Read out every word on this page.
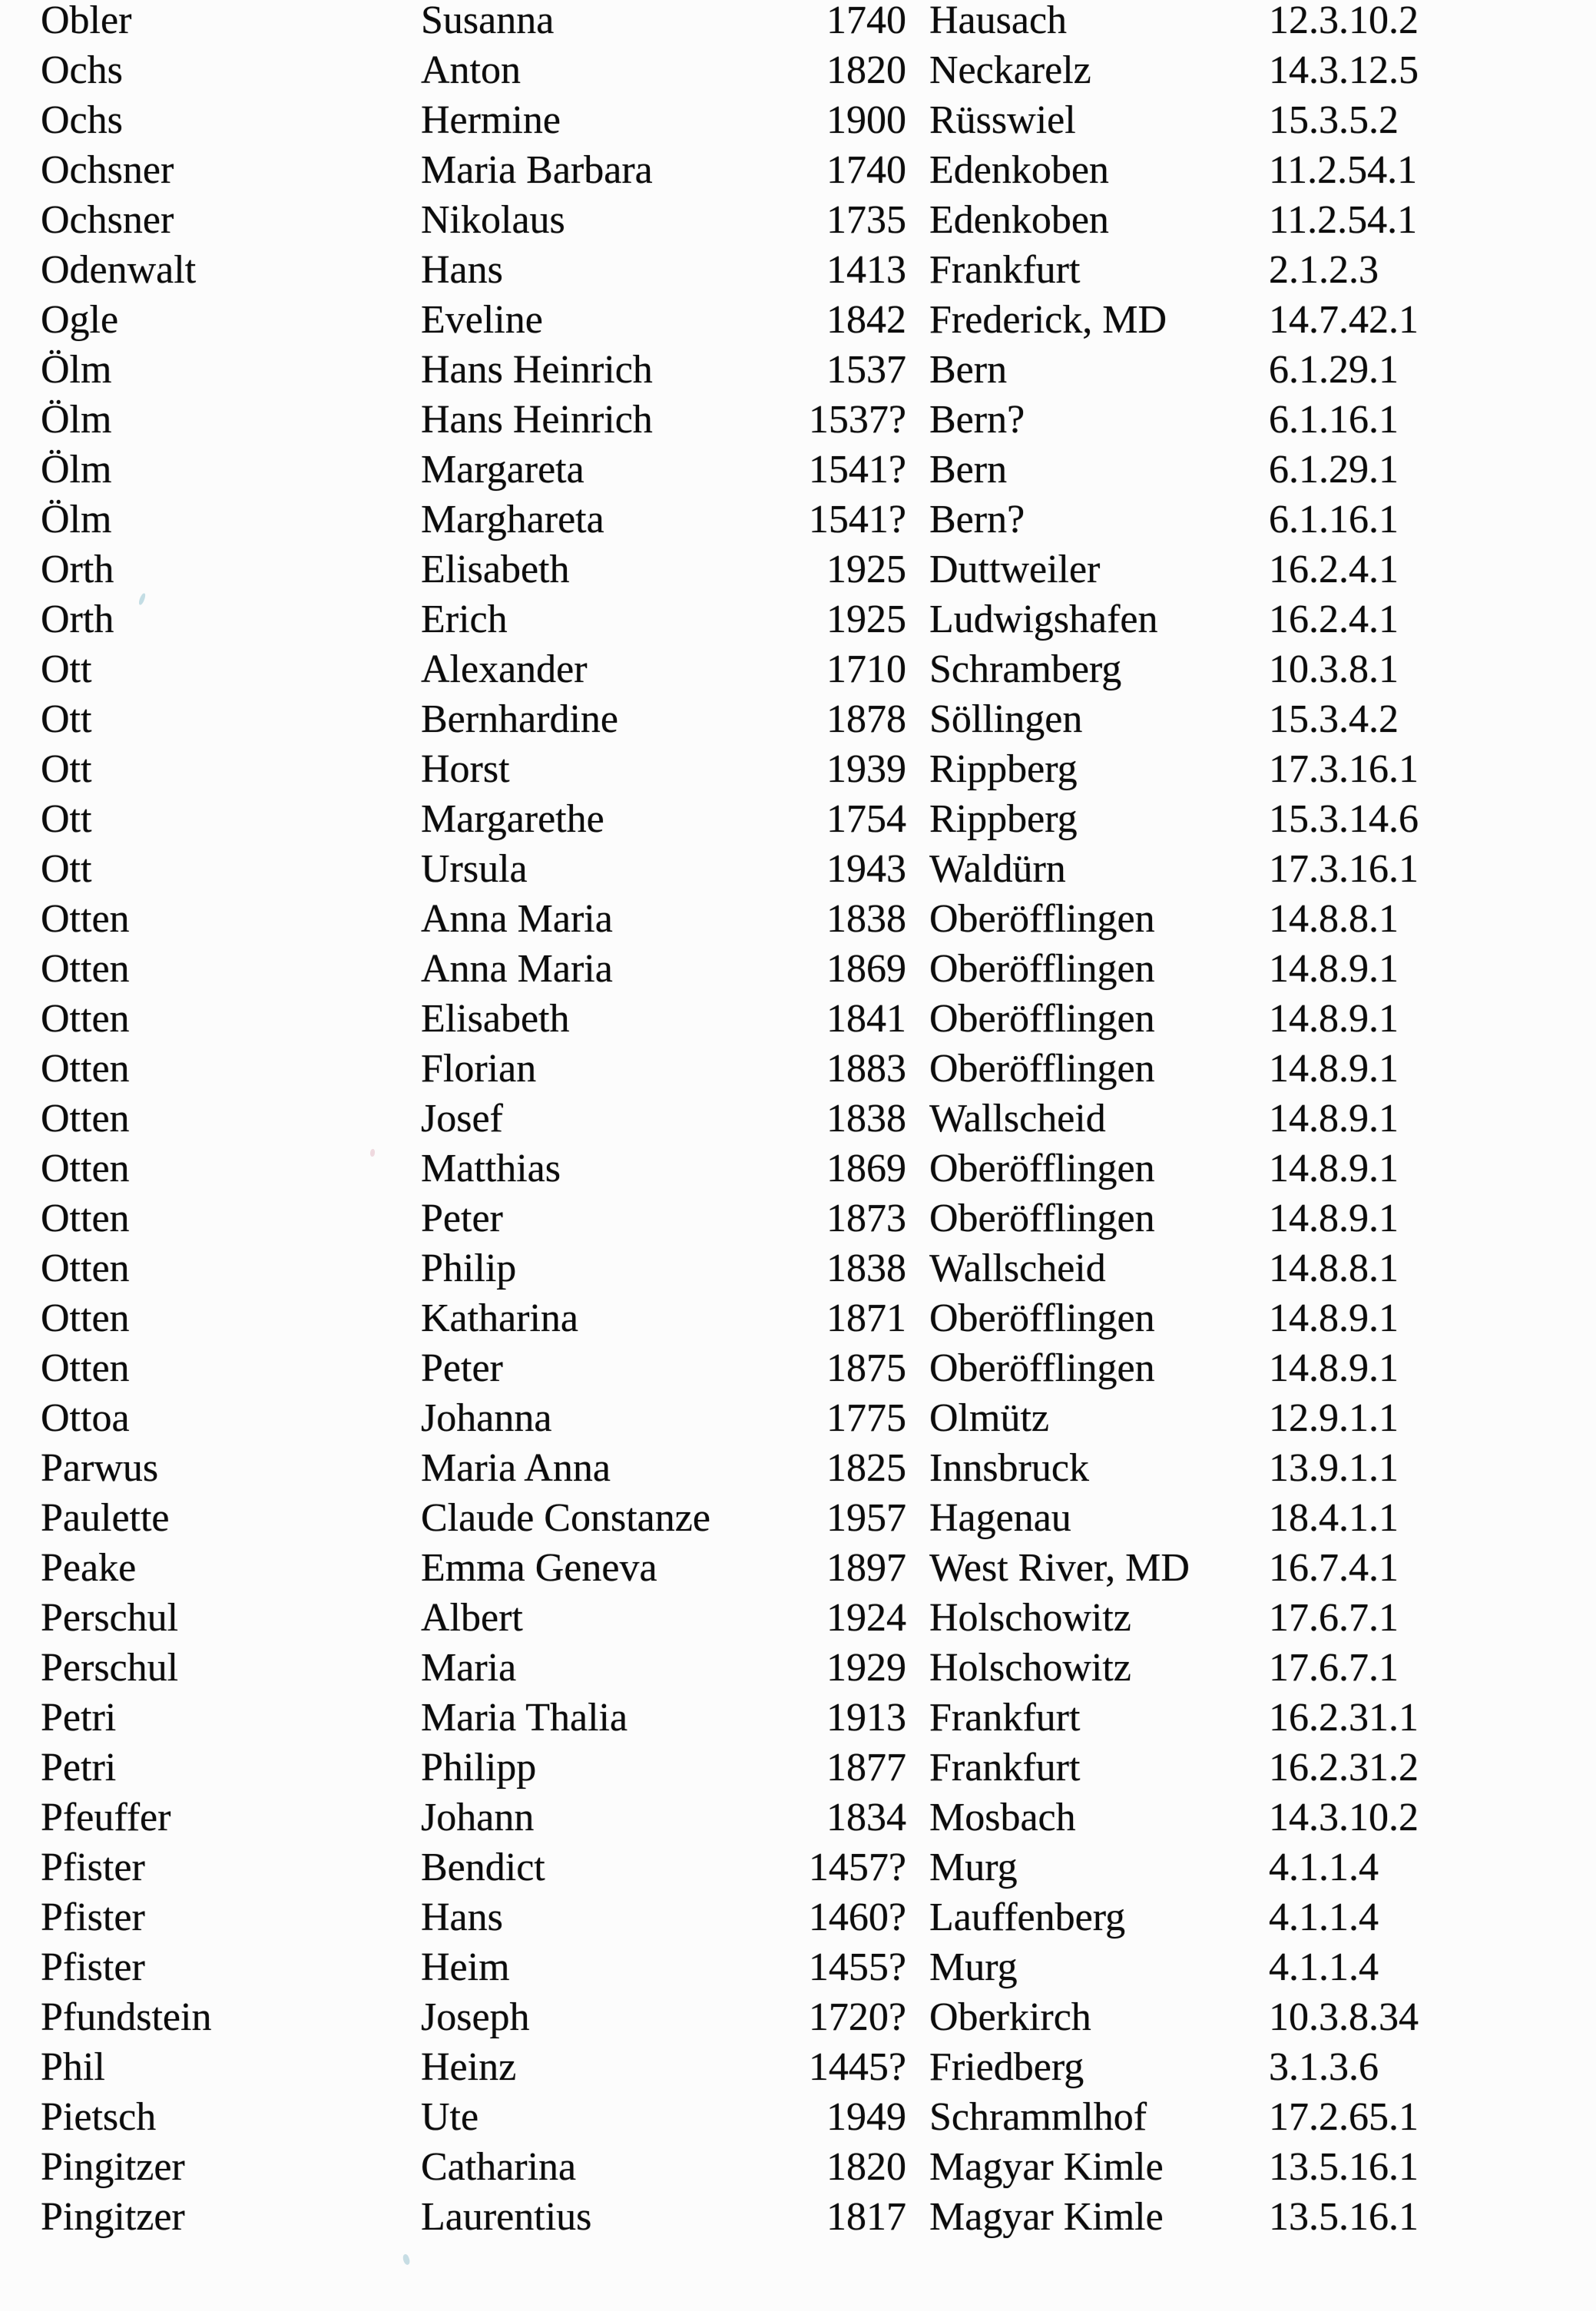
Obler	Susanna	1740 Hausach	12.3.10.2
Ochs	Anton	1820 Neckarelz	14.3.12.5
Ochs	Hermine	1900 Rüsswiel	15.3.5.2
Ochsner	Maria Barbara	1740 Edenkoben	11.2.54.1
Ochsner	Nikolaus	1735 Edenkoben	11.2.54.1
Odenwalt	Hans	1413 Frankfurt	2.1.2.3
Ogle	Eveline	1842 Frederick, MD	14.7.42.1
Ölm	Hans Heinrich	1537 Bern	6.1.29.1
Ölm	Hans Heinrich	1537? Bern?	6.1.16.1
Ölm	Margareta	1541? Bern	6.1.29.1
Ölm	Marghareta	1541? Bern?	6.1.16.1
Orth	Elisabeth	1925 Duttweiler	16.2.4.1
Orth	Erich	1925 Ludwigshafen	16.2.4.1
Ott	Alexander	1710 Schramberg	10.3.8.1
Ott	Bernhardine	1878 Söllingen	15.3.4.2
Ott	Horst	1939 Rippberg	17.3.16.1
Ott	Margarethe	1754 Rippberg	15.3.14.6
Ott	Ursula	1943 Waldürn	17.3.16.1
Otten	Anna Maria	1838 Oberöfflingen	14.8.8.1
Otten	Anna Maria	1869 Oberöfflingen	14.8.9.1
Otten	Elisabeth	1841 Oberöfflingen	14.8.9.1
Otten	Florian	1883 Oberöfflingen	14.8.9.1
Otten	Josef	1838 Wallscheid	14.8.9.1
Otten	Matthias	1869 Oberöfflingen	14.8.9.1
Otten	Peter	1873 Oberöfflingen	14.8.9.1
Otten	Philip	1838 Wallscheid	14.8.8.1
Otten	Katharina	1871 Oberöfflingen	14.8.9.1
Otten	Peter	1875 Oberöfflingen	14.8.9.1
Ottoa	Johanna	1775 Olmütz	12.9.1.1
Parwus	Maria Anna	1825 Innsbruck	13.9.1.1
Paulette	Claude Constanze	1957 Hagenau	18.4.1.1
Peake	Emma Geneva	1897 West River, MD 16.7.4.1
Perschul	Albert	1924 Holschowitz	17.6.7.1
Perschul	Maria	1929 Holschowitz	17.6.7.1
Petri	Maria Thalia	1913 Frankfurt	16.2.31.1
Petri	Philipp	1877 Frankfurt	16.2.31.2
Pfeuffer	Johann	1834 Mosbach	14.3.10.2
Pfister	Bendict	1457? Murg	4.1.1.4
Pfister	Hans	1460? Lauffenberg	4.1.1.4
Pfister	Heim	1455? Murg	4.1.1.4
Pfundstein	Joseph	1720? Oberkirch	10.3.8.34
Phil	Heinz	1445? Friedberg	3.1.3.6
Pietsch	Ute	1949 Schrammlhof	17.2.65.1
Pingitzer	Catharina	1820 Magyar Kimle	13.5.16.1
Pingitzer	Laurentius	1817 Magyar Kimle	13.5.16.1
